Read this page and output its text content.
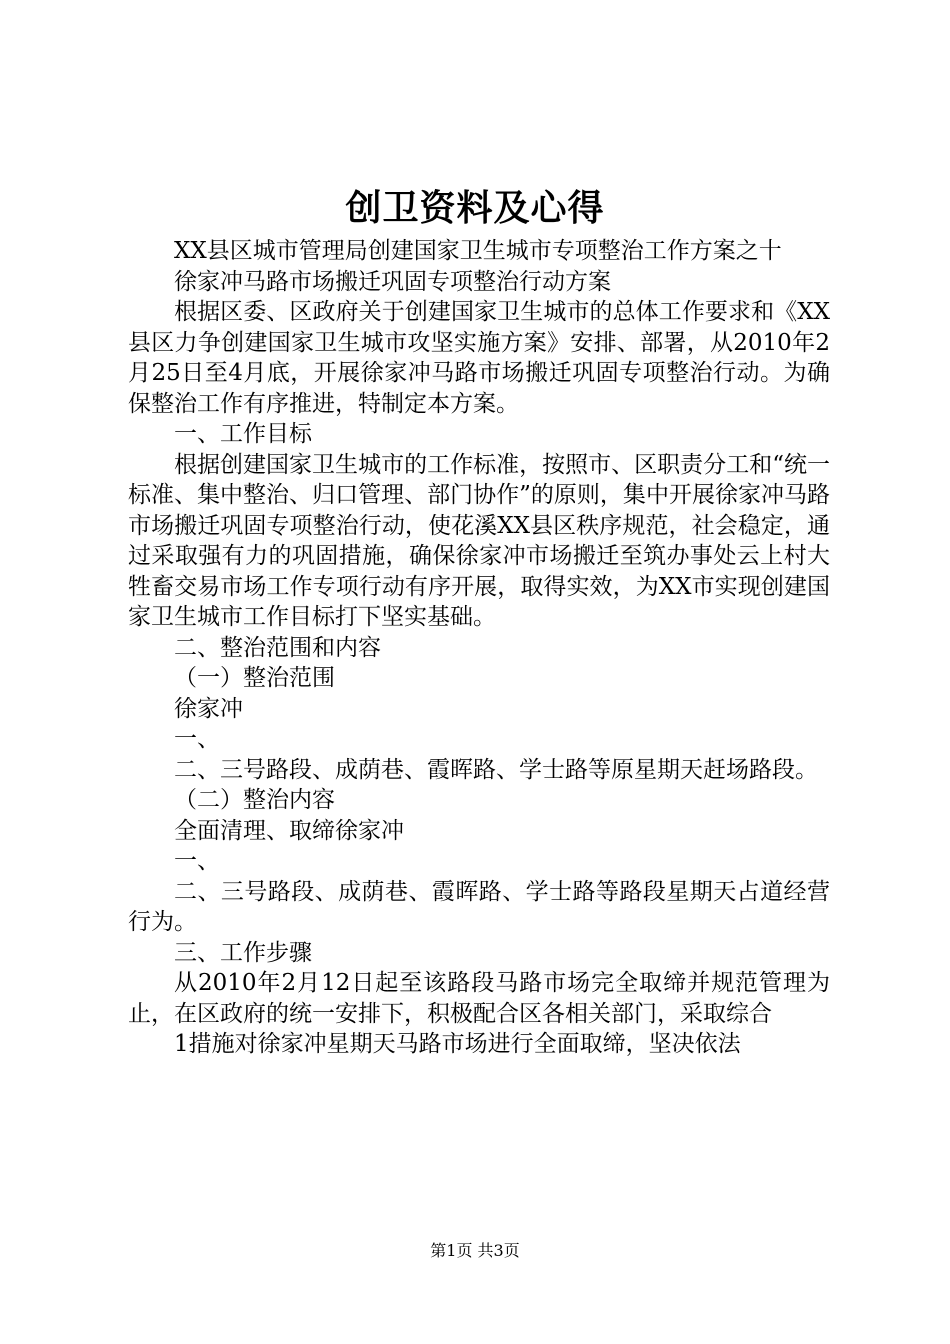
创卫资料及心得

XX县区城市管理局创建国家卫生城市专项整治工作方案之十

徐家冲马路市场搬迁巩固专项整治行动方案

根据区委、区政府关于创建国家卫生城市的总体工作要求和《XX县区力争创建国家卫生城市攻坚实施方案》安排、部署，从2010年2月25日至4月底，开展徐家冲马路市场搬迁巩固专项整治行动。为确保整治工作有序推进，特制定本方案。

一、工作目标

根据创建国家卫生城市的工作标准，按照市、区职责分工和“统一标准、集中整治、归口管理、部门协作”的原则，集中开展徐家冲马路市场搬迁巩固专项整治行动，使花溪XX县区秩序规范，社会稳定，通过采取强有力的巩固措施，确保徐家冲市场搬迁至筑办事处云上村大牲畜交易市场工作专项行动有序开展，取得实效，为XX市实现创建国家卫生城市工作目标打下坚实基础。

二、整治范围和内容

（一）整治范围

徐家冲

一、

二、三号路段、成荫巷、霞晖路、学士路等原星期天赶场路段。

（二）整治内容

全面清理、取缔徐家冲

一、

二、三号路段、成荫巷、霞晖路、学士路等路段星期天占道经营行为。

三、工作步骤

从2010年2月12日起至该路段马路市场完全取缔并规范管理为止，在区政府的统一安排下，积极配合区各相关部门，采取综合

1措施对徐家冲星期天马路市场进行全面取缔，坚决依法

第1页 共3页
